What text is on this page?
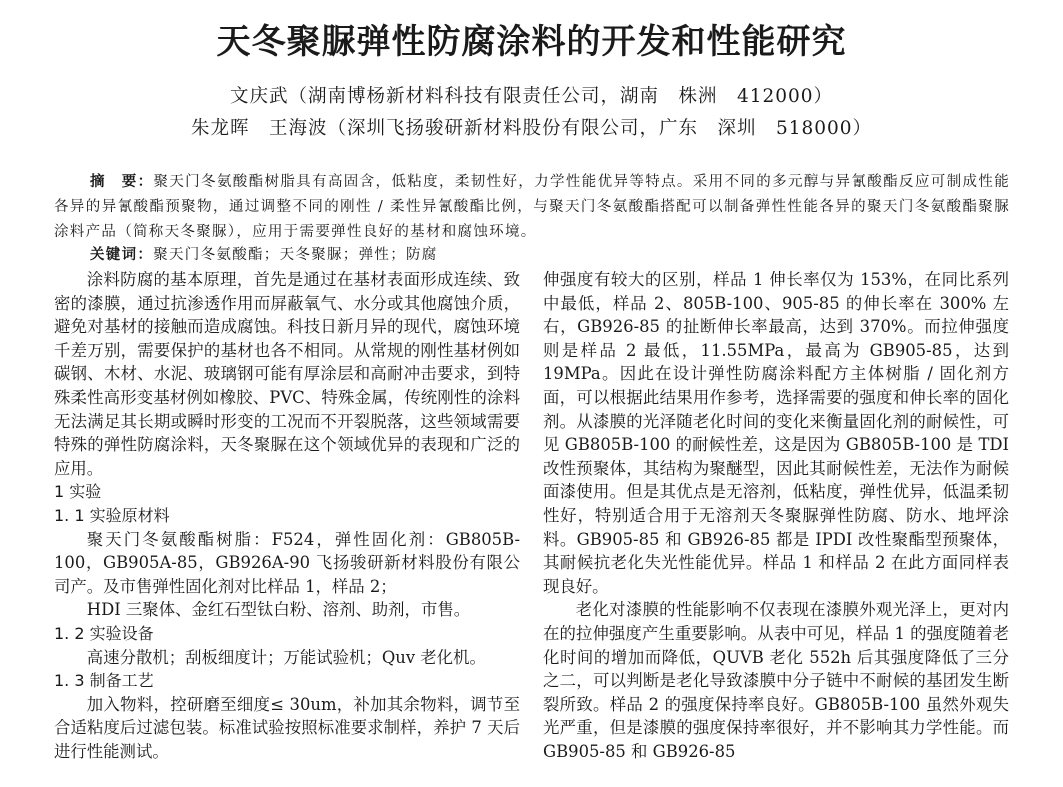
天冬聚脲弹性防腐涂料的开发和性能研究
文庆武（湖南博杨新材料科技有限责任公司，湖南　株洲　412000）
朱龙晖　王海波（深圳飞扬骏研新材料股份有限公司，广东　深圳　518000）
摘　要：聚天门冬氨酸酯树脂具有高固含，低粘度，柔韧性好，力学性能优异等特点。采用不同的多元醇与异氰酸酯反应可制成性能各异的异氰酸酯预聚物，通过调整不同的刚性 / 柔性异氰酸酯比例，与聚天门冬氨酸酯搭配可以制备弹性性能各异的聚天门冬氨酸酯聚脲涂料产品（简称天冬聚脲），应用于需要弹性良好的基材和腐蚀环境。
关键词：聚天门冬氨酸酯；天冬聚脲；弹性；防腐

涂料防腐的基本原理，首先是通过在基材表面形成连续、致密的漆膜，通过抗渗透作用而屏蔽氧气、水分或其他腐蚀介质，避免对基材的接触而造成腐蚀。科技日新月异的现代，腐蚀环境千差万别，需要保护的基材也各不相同。从常规的刚性基材例如碳钢、木材、水泥、玻璃钢可能有厚涂层和高耐冲击要求，到特殊柔性高形变基材例如橡胶、PVC、特殊金属，传统刚性的涂料无法满足其长期或瞬时形变的工况而不开裂脱落，这些领域需要特殊的弹性防腐涂料，天冬聚脲在这个领域优异的表现和广泛的应用。

1 实验
1. 1 实验原材料

聚天门冬氨酸酯树脂：F524，弹性固化剂：GB805B-100，GB905A-85，GB926A-90 飞扬骏研新材料股份有限公司产。及市售弹性固化剂对比样品 1，样品 2；

HDI 三聚体、金红石型钛白粉、溶剂、助剂，市售。

1. 2 实验设备

高速分散机；刮板细度计；万能试验机；Quv 老化机。

1. 3 制备工艺

加入物料，控研磨至细度≤ 30um，补加其余物料，调节至合适粘度后过滤包装。标准试验按照标准要求制样，养护 7 天后进行性能测试。

伸强度有较大的区别，样品 1 伸长率仅为 153%，在同比系列中最低，样品 2、805B-100、905-85 的伸长率在 300% 左右，GB926-85 的扯断伸长率最高，达到 370%。而拉伸强度则是样品 2 最低，11.55MPa，最高为 GB905-85，达到 19MPa。因此在设计弹性防腐涂料配方主体树脂 / 固化剂方面，可以根据此结果用作参考，选择需要的强度和伸长率的固化剂。从漆膜的光泽随老化时间的变化来衡量固化剂的耐候性，可见 GB805B-100 的耐候性差，这是因为 GB805B-100 是 TDI 改性预聚体，其结构为聚醚型，因此其耐候性差，无法作为耐候面漆使用。但是其优点是无溶剂，低粘度，弹性优异，低温柔韧性好，特别适合用于无溶剂天冬聚脲弹性防腐、防水、地坪涂料。GB905-85 和 GB926-85 都是 IPDI 改性聚酯型预聚体，其耐候抗老化失光性能优异。样品 1 和样品 2 在此方面同样表现良好。

老化对漆膜的性能影响不仅表现在漆膜外观光泽上，更对内在的拉伸强度产生重要影响。从表中可见，样品 1 的强度随着老化时间的增加而降低，QUVB 老化 552h 后其强度降低了三分之二，可以判断是老化导致漆膜中分子链中不耐候的基团发生断裂所致。样品 2 的强度保持率良好。GB805B-100 虽然外观失光严重，但是漆膜的强度保持率很好，并不影响其力学性能。而 GB905-85 和 GB926-85
